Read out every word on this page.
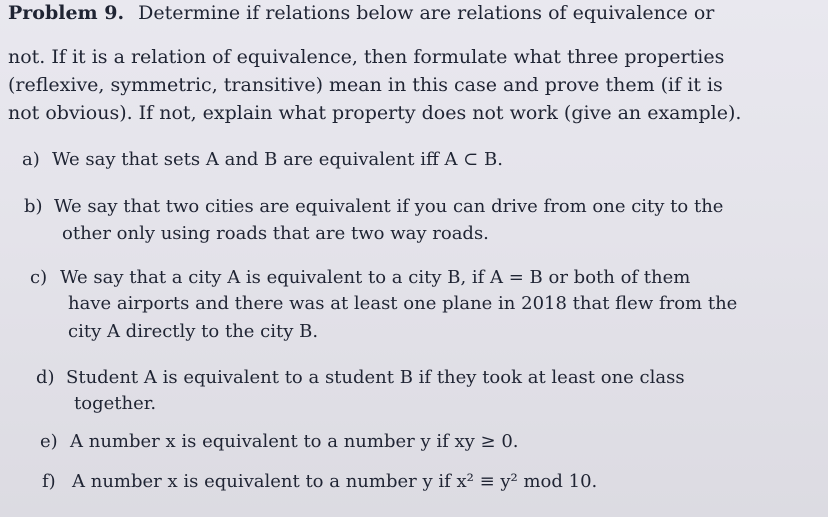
Problem 9. Determine if relations below are relations of equivalence or
not. If it is a relation of equivalence, then formulate what three properties
(reflexive, symmetric, transitive) mean in this case and prove them (if it is
not obvious). If not, explain what property does not work (give an example).
a) We say that sets A and B are equivalent iff A ⊂ B.
b) We say that two cities are equivalent if you can drive from one city to the
other only using roads that are two way roads.
c) We say that a city A is equivalent to a city B, if A = B or both of them
have airports and there was at least one plane in 2018 that flew from the
city A directly to the city B.
d) Student A is equivalent to a student B if they took at least one class
together.
e) A number x is equivalent to a number y if xy ≥ 0.
f) A number x is equivalent to a number y if x² ≡ y² mod 10.
